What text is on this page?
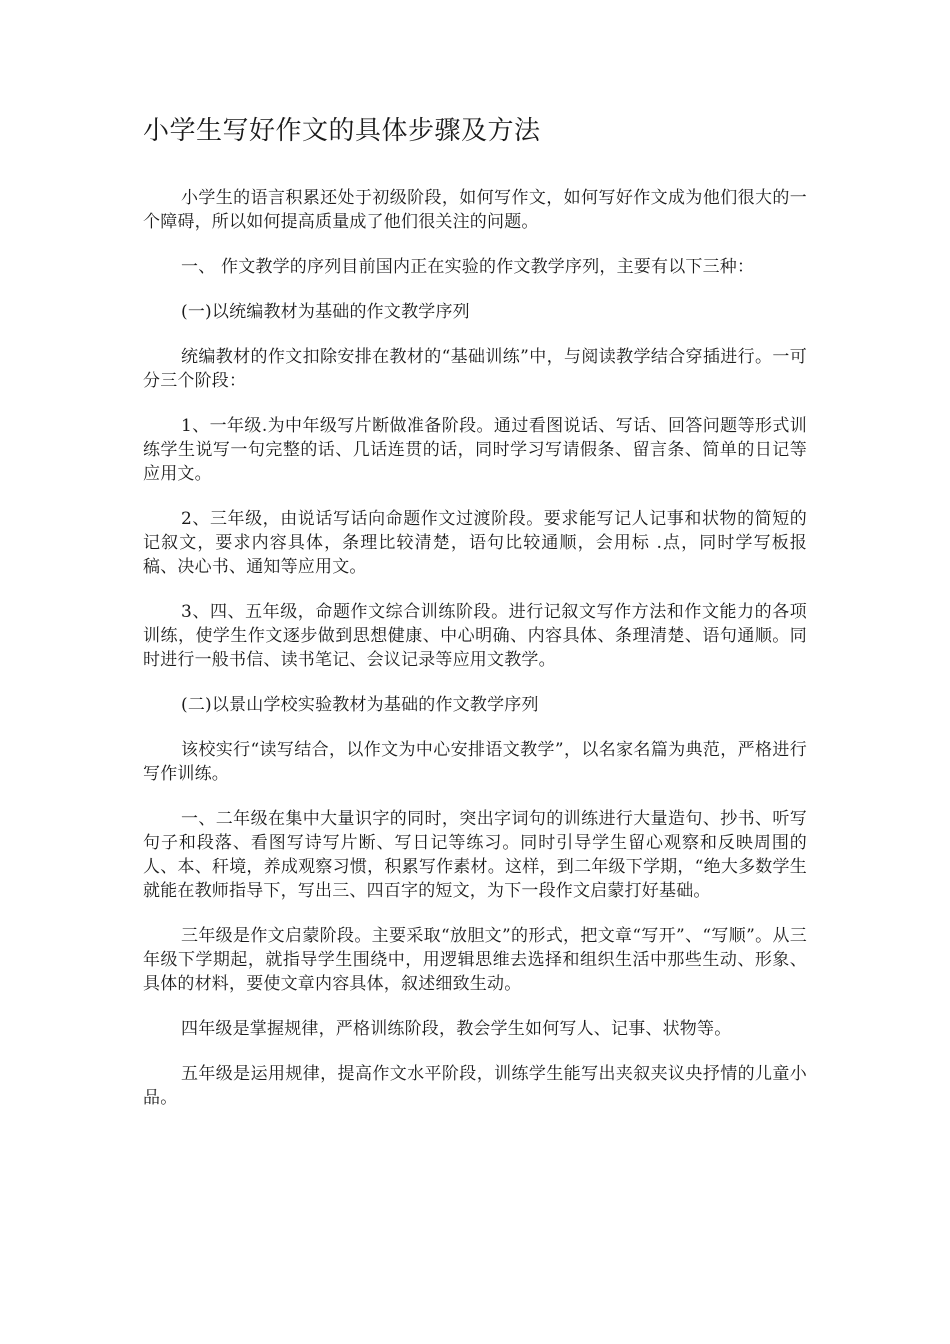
小学生写好作文的具体步骤及方法

小学生的语言积累还处于初级阶段，如何写作文，如何写好作文成为他们很大的一个障碍，所以如何提高质量成了他们很关注的问题。

一、 作文教学的序列目前国内正在实验的作文教学序列，主要有以下三种：

(一)以统编教材为基础的作文教学序列

统编教材的作文扣除安排在教材的“基础训练”中，与阅读教学结合穿插进行。一可分三个阶段：

1、一年级.为中年级写片断做准备阶段。通过看图说话、写话、回答问题等形式训练学生说写一句完整的话、几话连贯的话，同时学习写请假条、留言条、简单的日记等应用文。

2、三年级，由说话写话向命题作文过渡阶段。要求能写记人记事和状物的简短的记叙文，要求内容具体，条理比较清楚，语句比较通顺，会用标 .点，同时学写板报稿、决心书、通知等应用文。

3、四、五年级，命题作文综合训练阶段。进行记叙文写作方法和作文能力的各项训练，使学生作文逐步做到思想健康、中心明确、内容具体、条理清楚、语句通顺。同时进行一般书信、读书笔记、会议记录等应用文教学。

(二)以景山学校实验教材为基础的作文教学序列

该校实行“读写结合，以作文为中心安排语文教学”，以名家名篇为典范，严格进行写作训练。

一、二年级在集中大量识字的同时，突出字词句的训练进行大量造句、抄书、听写句子和段落、看图写诗写片断、写日记等练习。同时引导学生留心观察和反映周围的人、本、秆境，养成观察习惯，积累写作素材。这样，到二年级下学期，“绝大多数学生就能在教师指导下，写出三、四百字的短文，为下一段作文启蒙打好基础。

三年级是作文启蒙阶段。主要采取“放胆文”的形式，把文章“写开”、“写顺”。从三年级下学期起，就指导学生围绕中，用逻辑思维去选择和组织生活中那些生动、形象、具体的材料，要使文章内容具体，叙述细致生动。

四年级是掌握规律，严格训练阶段，教会学生如何写人、记事、状物等。

五年级是运用规律，提高作文水平阶段，训练学生能写出夹叙夹议央抒情的儿童小品。
